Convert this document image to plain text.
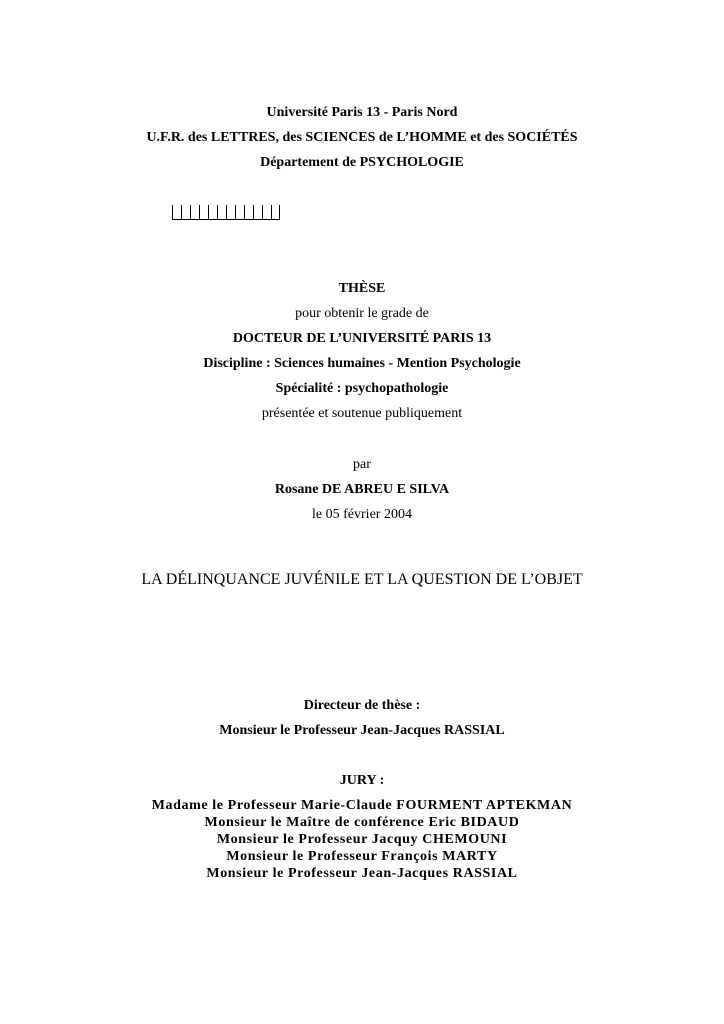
Université Paris 13 - Paris Nord
U.F.R. des LETTRES, des SCIENCES de L’HOMME et des SOCIÉTÉS
Département de PSYCHOLOGIE
THÈSE
pour obtenir le grade de
DOCTEUR DE L’UNIVERSITÉ PARIS 13
Discipline : Sciences humaines - Mention Psychologie
Spécialité : psychopathologie
présentée et soutenue publiquement
par
Rosane DE ABREU E SILVA
le 05 février 2004
LA DÉLINQUANCE JUVÉNILE ET LA QUESTION DE L’OBJET
Directeur de thèse :
Monsieur le Professeur Jean-Jacques RASSIAL
JURY :
Madame le Professeur Marie-Claude FOURMENT APTEKMAN
Monsieur le Maître de conférence Eric BIDAUD
Monsieur le Professeur Jacquy CHEMOUNI
Monsieur le Professeur François MARTY
Monsieur le Professeur Jean-Jacques RASSIAL
